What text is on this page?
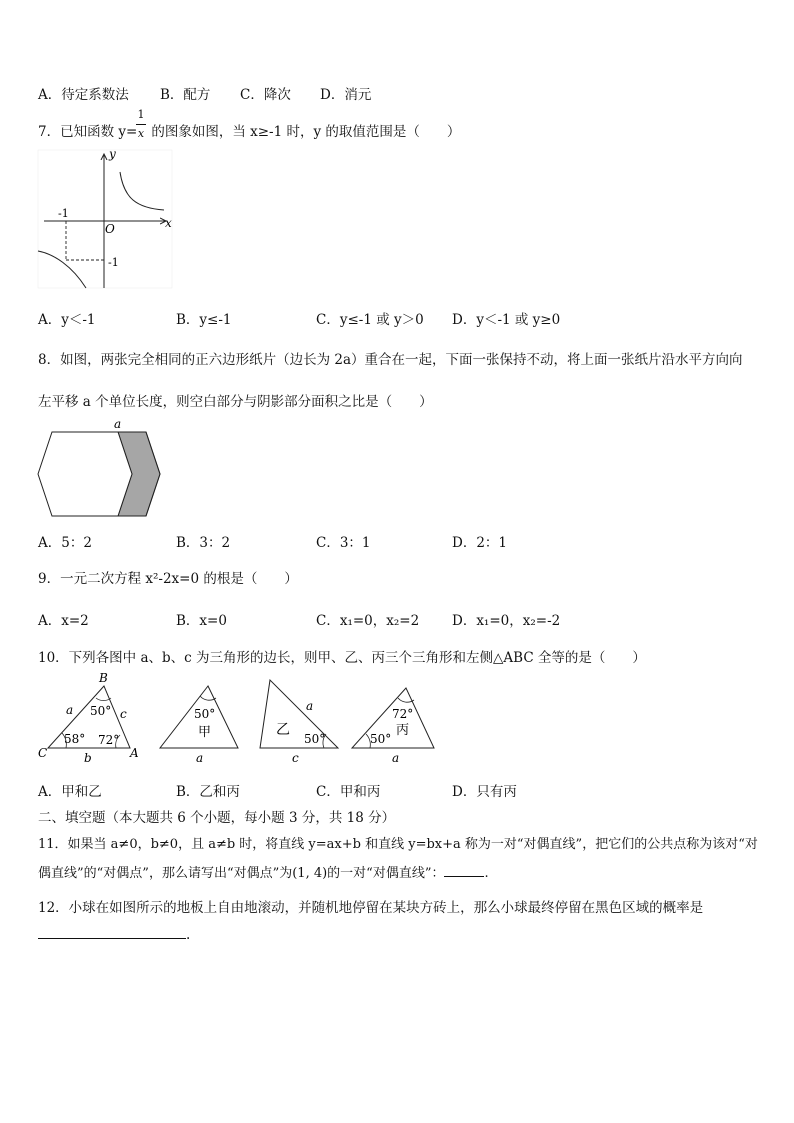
A．待定系数法 B．配方 C．降次 D．消元
7．已知函数 y= 的图象如图，当 x≥-1 时，y 的取值范围是（　　）
1
x
y
x
O
-1
-1
A．y＜-1	B．y≤-1	C．y≤-1 或 y＞0 D．y＜-1 或 y≥0
8．如图，两张完全相同的正六边形纸片（边长为 2a）重合在一起，下面一张保持不动，将上面一张纸片沿水平方向向
左平移 a 个单位长度，则空白部分与阴影部分面积之比是（　　）
a
A．5：2	B．3：2	C．3：1	D．2：1
9．一元二次方程 x²-2x=0 的根是（　　）
A．x=2	B．x=0	C．x₁=0，x₂=2 D．x₁=0，x₂=-2
10．下列各图中 a、b、c 为三角形的边长，则甲、乙、丙三个三角形和左侧△ABC 全等的是（　　）
B
C	A
a	c
b
50°
58° 72°
50°
甲
a
a
乙
50°
c
72°
丙
50°
a
A．甲和乙	B．乙和丙	C．甲和丙	D．只有丙
二、填空题（本大题共 6 个小题，每小题 3 分，共 18 分）
11．如果当 a≠0，b≠0，且 a≠b 时，将直线 y=ax+b 和直线 y=bx+a 称为一对“对偶直线”，把它们的公共点称为该对“对
偶直线”的“对偶点”，那么请写出“对偶点”为(1, 4)的一对“对偶直线”：	.
12．小球在如图所示的地板上自由地滚动，并随机地停留在某块方砖上，那么小球最终停留在黑色区域的概率是
.
